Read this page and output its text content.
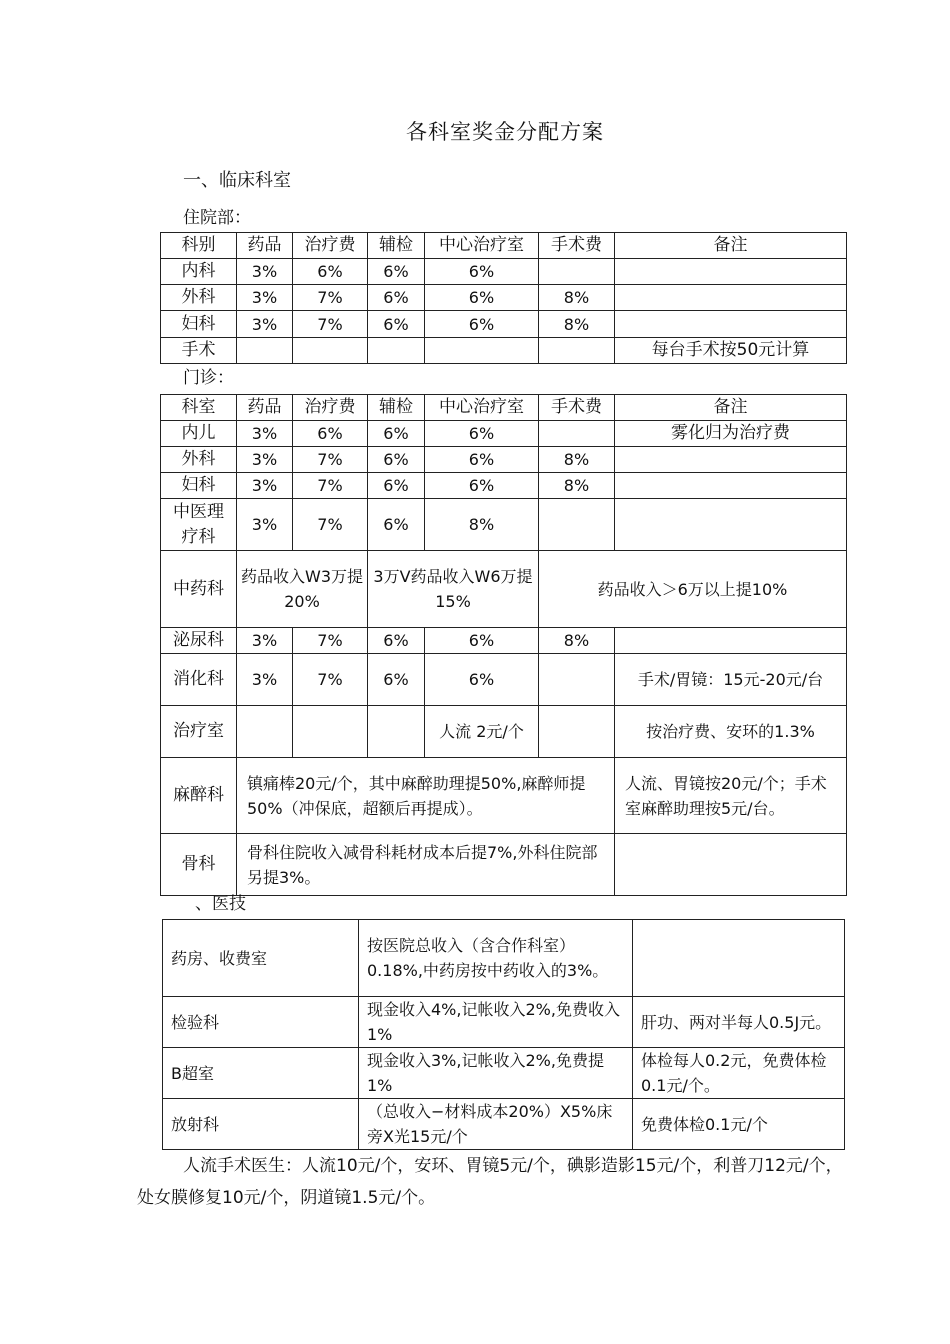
各科室奖金分配方案
一、临床科室
住院部：
科别	药品	治疗费	辅检	中心治疗室	手术费	备注
内科	3%	6%	6%	6%		
外科	3%	7%	6%	6%	8%	
妇科	3%	7%	6%	6%	8%	
手术						每台手术按50元计算
门诊：
科室	药品	治疗费	辅检	中心治疗室	手术费	备注
内儿	3%	6%	6%	6%		雾化归为治疗费
外科	3%	7%	6%	6%	8%	
妇科	3%	7%	6%	6%	8%	
中医理疗科	3%	7%	6%	8%		
中药科	药品收入W3万提20%		3万V药品收入W6万提15%		药品收入＞6万以上提10%	
泌尿科	3%	7%	6%	6%	8%	
消化科	3%	7%	6%	6%		手术/胃镜：15元-20元/台
治疗室				人流 2元/个		按治疗费、安环的1.3%
麻醉科	镇痛棒20元/个，其中麻醉助理提50%,麻醉师提50%（冲保底，超额后再提成）。					人流、胃镜按20元/个；手术室麻醉助理按5元/台。
骨科	骨科住院收入减骨科耗材成本后提7%,外科住院部另提3%。					
、医技
药房、收费室	按医院总收入（含合作科室）0.18%,中药房按中药收入的3%。	
检验科	现金收入4%,记帐收入2%,免费收入1%	肝功、两对半每人0.5J元。
B超室	现金收入3%,记帐收入2%,免费提1%	体检每人0.2元，免费体检0.1元/个。
放射科	（总收入−材料成本20%）X5%床旁X光15元/个	免费体检0.1元/个
人流手术医生：人流10元/个，安环、胃镜5元/个，碘影造影15元/个，利普刀12元/个，处女膜修复10元/个，阴道镜1.5元/个。
